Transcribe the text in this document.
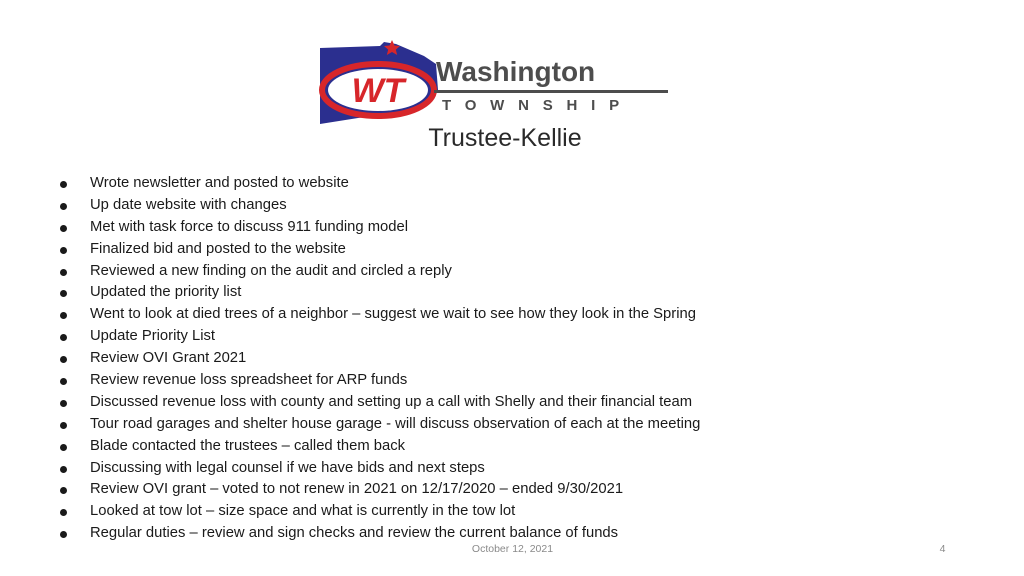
WT
Washington
TOWNSHIP
Trustee-Kellie
Wrote newsletter and posted to website
Up date website with changes
Met with task force to discuss 911 funding model
Finalized bid and posted to the website
Reviewed a new finding on the audit and circled a reply
Updated the priority list
Went to look at died trees of a neighbor – suggest we wait to see how they look in the Spring
Update Priority List
Review OVI Grant 2021
Review revenue loss spreadsheet for ARP funds
Discussed revenue loss with county and setting up a call with Shelly and their financial team
Tour road garages and shelter house garage - will discuss observation of each at the meeting
Blade contacted the trustees – called them back
Discussing with legal counsel if we have bids and next steps
Review OVI grant – voted to not renew in 2021 on 12/17/2020 – ended 9/30/2021
Looked at tow lot – size space and what is currently in the tow lot
Regular duties – review and sign checks and review the current balance of funds
October 12, 2021	4
